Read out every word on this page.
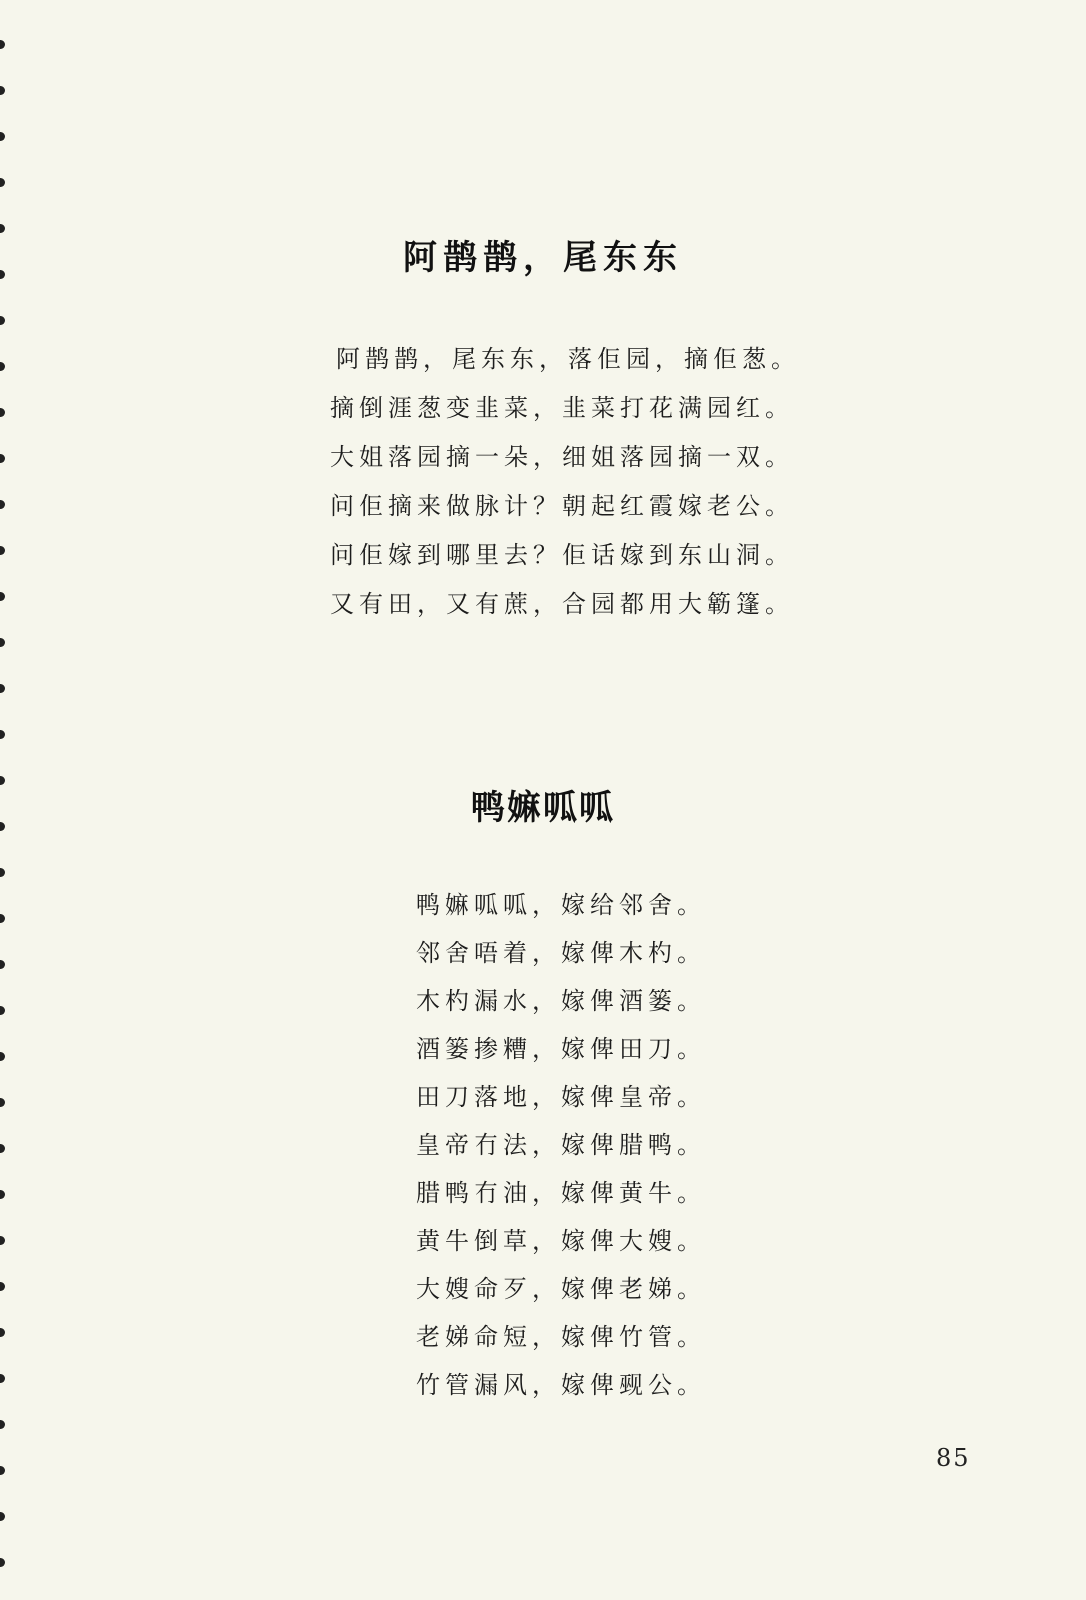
阿鹊鹊，尾东东
阿鹊鹊，尾东东，落佢园，摘佢葱。
摘倒涯葱变韭菜，韭菜打花满园红。
大姐落园摘一朵，细姐落园摘一双。
问佢摘来做脉计？朝起红霞嫁老公。
问佢嫁到哪里去？佢话嫁到东山洞。
又有田，又有蔗，合园都用大簕篷。
鸭嫲呱呱
鸭嫲呱呱，嫁给邻舍。
邻舍唔着，嫁俾木杓。
木杓漏水，嫁俾酒篓。
酒篓掺糟，嫁俾田刀。
田刀落地，嫁俾皇帝。
皇帝冇法，嫁俾腊鸭。
腊鸭冇油，嫁俾黄牛。
黄牛倒草，嫁俾大嫂。
大嫂命歹，嫁俾老娣。
老娣命短，嫁俾竹管。
竹管漏风，嫁俾觋公。
85
